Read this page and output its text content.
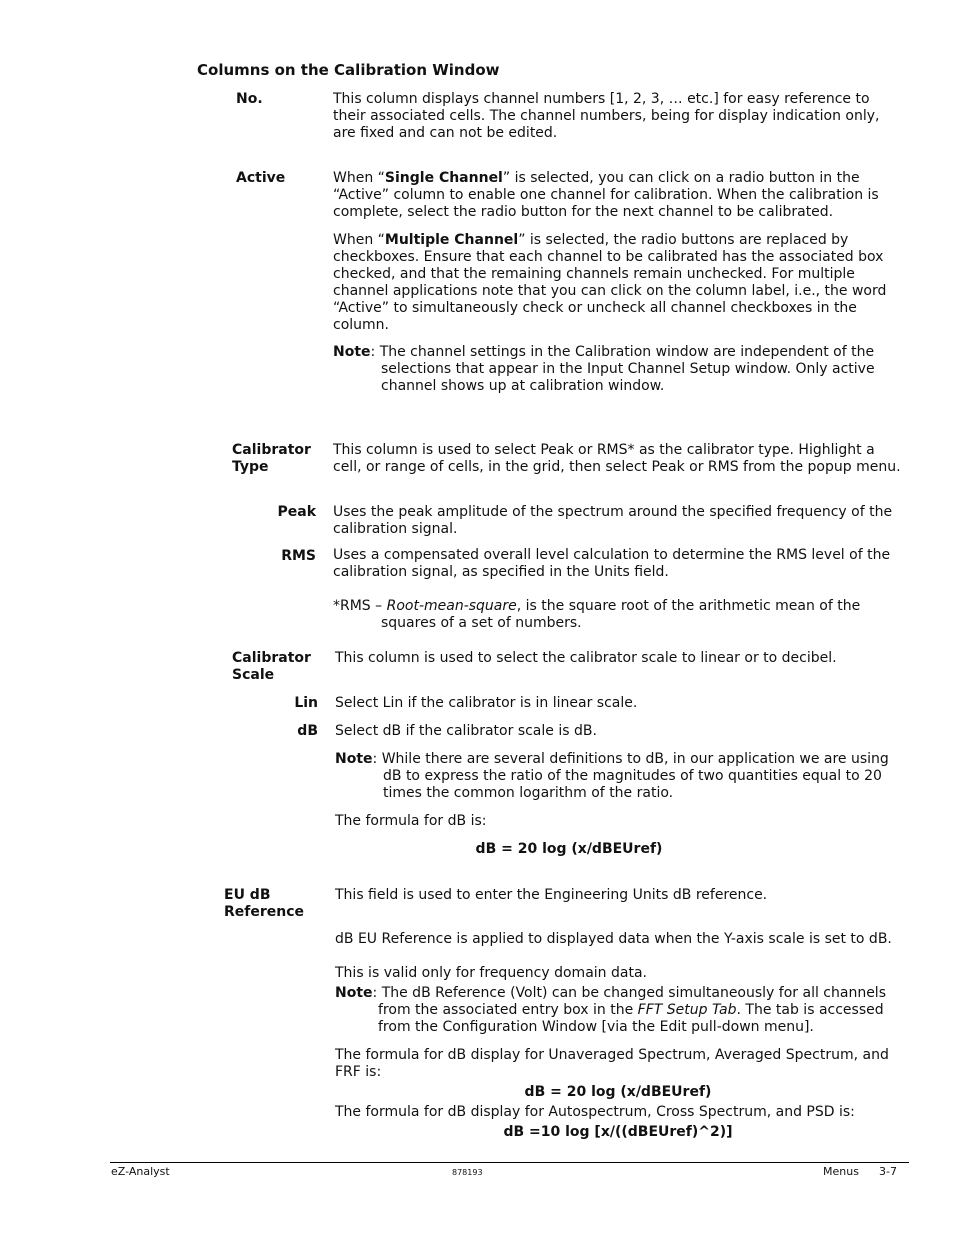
Columns on the Calibration Window
No.	This column displays channel numbers [1, 2, 3, … etc.] for easy reference to their associated cells. The channel numbers, being for display indication only, are fixed and can not be edited.

Active	When “Single Channel” is selected, you can click on a radio button in the “Active” column to enable one channel for calibration. When the calibration is complete, select the radio button for the next channel to be calibrated.

When “Multiple Channel” is selected, the radio buttons are replaced by checkboxes. Ensure that each channel to be calibrated has the associated box checked, and that the remaining channels remain unchecked. For multiple channel applications note that you can click on the column label, i.e., the word “Active” to simultaneously check or uncheck all channel checkboxes in the column.

Note: The channel settings in the Calibration window are independent of the selections that appear in the Input Channel Setup window. Only active channel shows up at calibration window.

Calibrator
Type

This column is used to select Peak or RMS* as the calibrator type. Highlight a cell, or range of cells, in the grid, then select Peak or RMS from the popup menu.

Peak Uses the peak amplitude of the spectrum around the specified frequency of the calibration signal.

RMS Uses a compensated overall level calculation to determine the RMS level of the calibration signal, as specified in the Units field.

*RMS – Root-mean-square, is the square root of the arithmetic mean of the squares of a set of numbers.

Calibrator
Scale

This column is used to select the calibrator scale to linear or to decibel.

Lin Select Lin if the calibrator is in linear scale.

dB Select dB if the calibrator scale is dB.

Note: While there are several definitions to dB, in our application we are using dB to express the ratio of the magnitudes of two quantities equal to 20 times the common logarithm of the ratio.

The formula for dB is:

dB = 20 log (x/dBEUref)

EU dB
Reference

This field is used to enter the Engineering Units dB reference.

dB EU Reference is applied to displayed data when the Y-axis scale is set to dB.

This is valid only for frequency domain data.

Note: The dB Reference (Volt) can be changed simultaneously for all channels from the associated entry box in the FFT Setup Tab. The tab is accessed from the Configuration Window [via the Edit pull-down menu].

The formula for dB display for Unaveraged Spectrum, Averaged Spectrum, and FRF is:

dB = 20 log (x/dBEUref)

The formula for dB display for Autospectrum, Cross Spectrum, and PSD is:

dB =10 log [x/((dBEUref)^2)]

eZ-Analyst	878193	Menus 3-7
